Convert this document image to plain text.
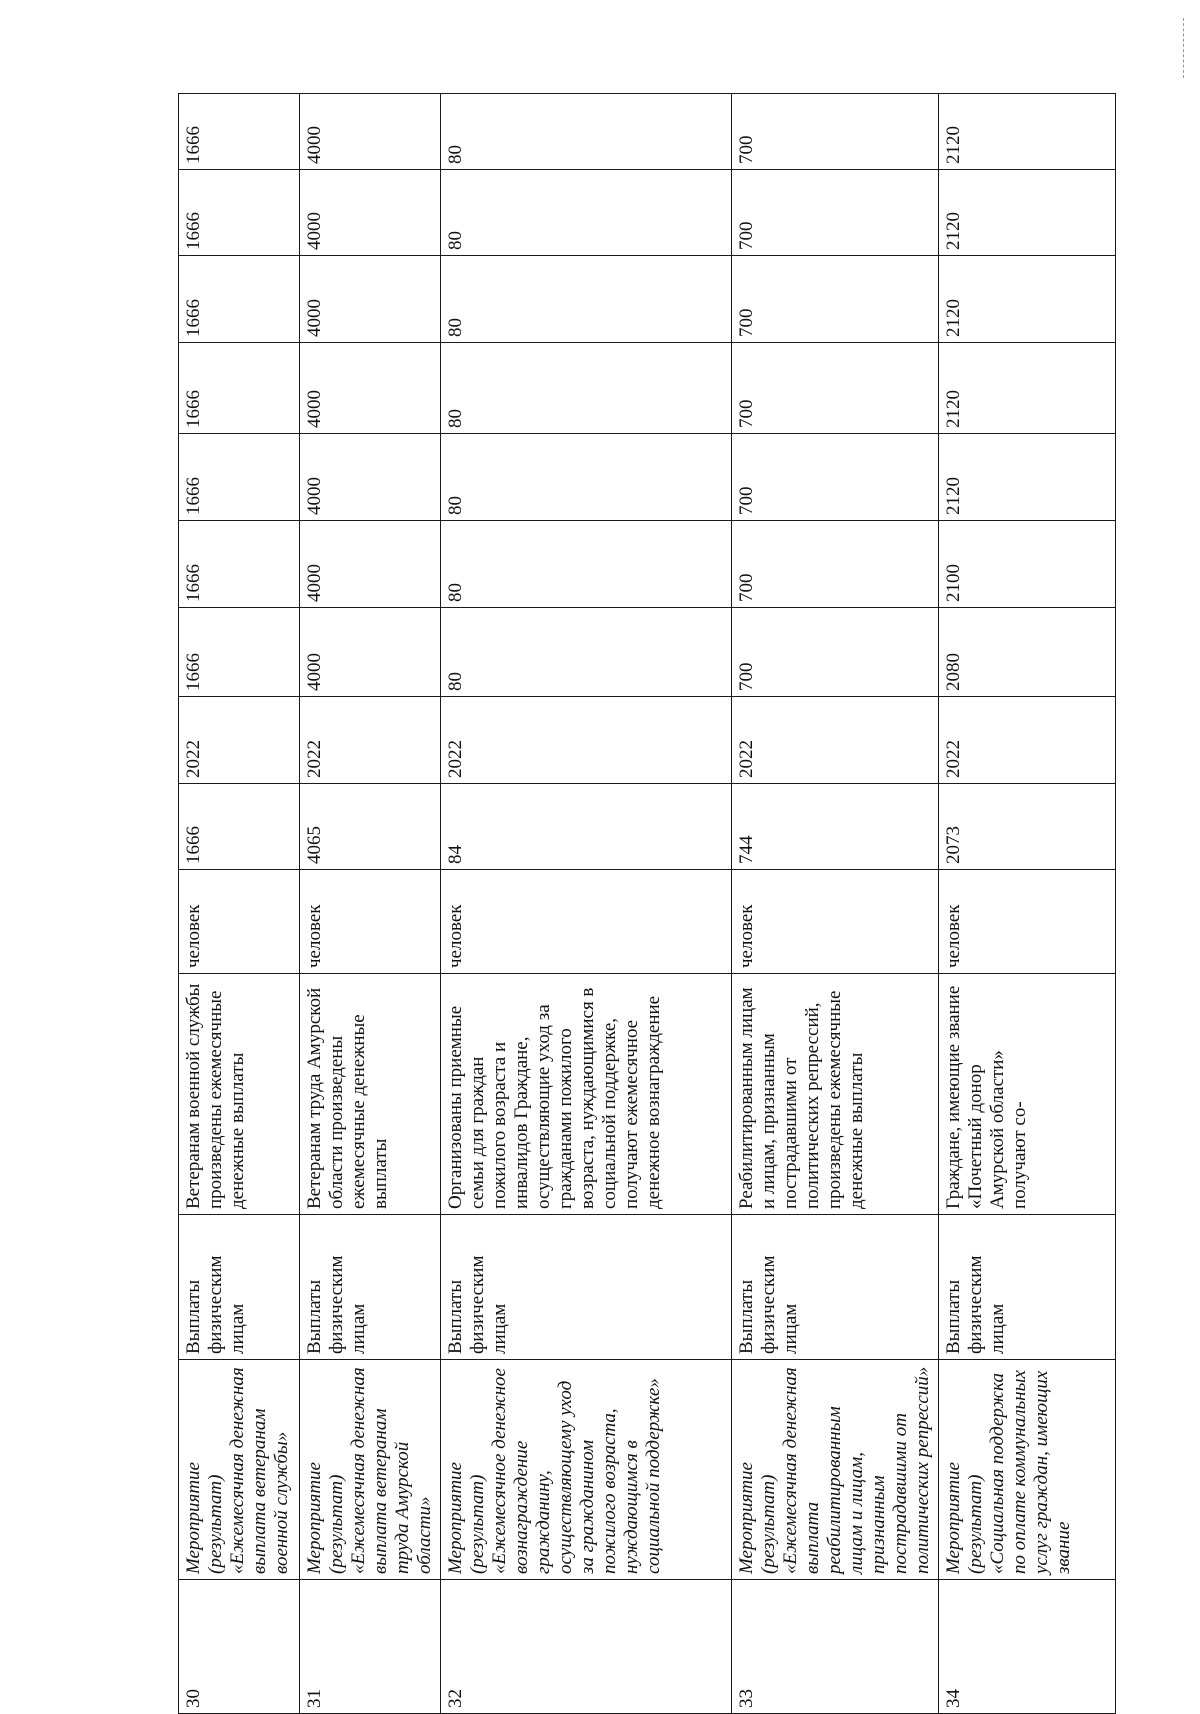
30	Мероприятие (результат) «Ежемесячная денежная выплата ветеранам военной службы»	Выплаты физическим лицам	Ветеранам военной службы произведены ежемесячные денежные выплаты	человек	1666	2022	1666	1666	1666	1666	1666	1666	1666
31	Мероприятие (результат) «Ежемесячная денежная выплата ветеранам труда Амурской области»	Выплаты физическим лицам	Ветеранам труда Амурской области произведены ежемесячные денежные выплаты	человек	4065	2022	4000	4000	4000	4000	4000	4000	4000
32	Мероприятие (результат) «Ежемесячное денежное вознаграждение гражданину, осуществляющему уход за гражданином пожилого возраста, нуждающимся в социальной поддержке»	Выплаты физическим лицам	Организованы приемные семьи для граждан пожилого возраста и инвалидов Граждане, осуществляющие уход за гражданами пожилого возраста, нуждающимися в социальной поддержке, получают ежемесячное денежное вознаграждение	человек	84	2022	80	80	80	80	80	80	80
33	Мероприятие (результат) «Ежемесячная денежная выплата реабилитированным лицам и лицам, признанным пострадавшими от политических репрессий»	Выплаты физическим лицам	Реабилитированным лицам и лицам, признанным пострадавшими от политических репрессий, произведены ежемесячные денежные выплаты	человек	744	2022	700	700	700	700	700	700	700
34	Мероприятие (результат) «Социальная поддержка по оплате коммунальных услуг граждан, имеющих звание	Выплаты физическим лицам	Граждане, имеющие звание «Почетный донор Амурской области» получают со-	человек	2073	2022	2080	2100	2120	2120	2120	2120	2120
